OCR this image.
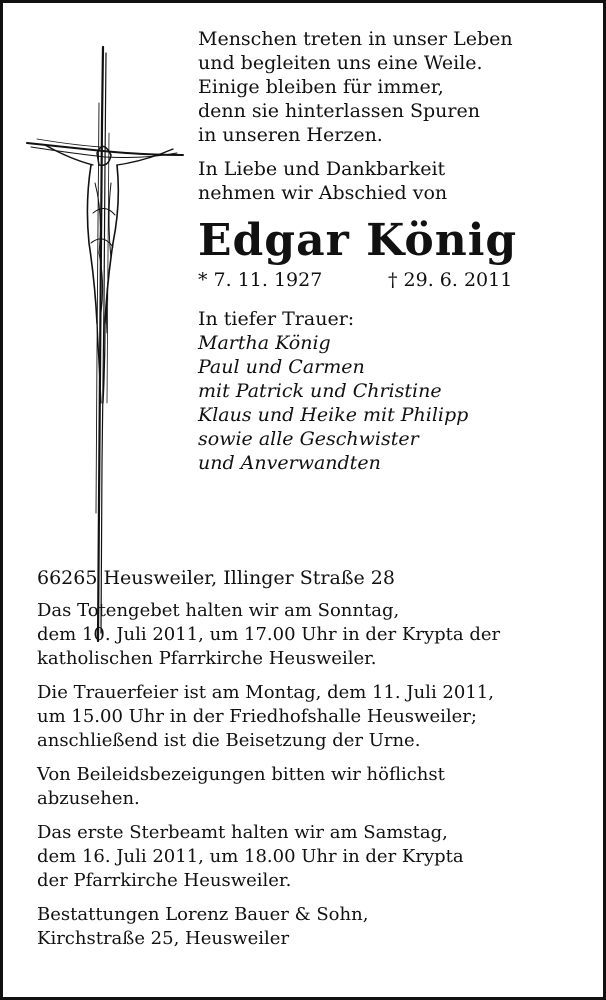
Menschen treten in unser Leben
und begleiten uns eine Weile.
Einige bleiben für immer,
denn sie hinterlassen Spuren
in unseren Herzen.
In Liebe und Dankbarkeit
nehmen wir Abschied von
Edgar König
* 7. 11. 1927	† 29. 6. 2011
In tiefer Trauer:
Martha König
Paul und Carmen
mit Patrick und Christine
Klaus und Heike mit Philipp
sowie alle Geschwister
und Anverwandten
66265 Heusweiler, Illinger Straße 28
Das Totengebet halten wir am Sonntag,
dem 10. Juli 2011, um 17.00 Uhr in der Krypta der
katholischen Pfarrkirche Heusweiler.
Die Trauerfeier ist am Montag, dem 11. Juli 2011,
um 15.00 Uhr in der Friedhofshalle Heusweiler;
anschließend ist die Beisetzung der Urne.
Von Beileidsbezeigungen bitten wir höflichst
abzusehen.
Das erste Sterbeamt halten wir am Samstag,
dem 16. Juli 2011, um 18.00 Uhr in der Krypta
der Pfarrkirche Heusweiler.
Bestattungen Lorenz Bauer & Sohn,
Kirchstraße 25, Heusweiler
